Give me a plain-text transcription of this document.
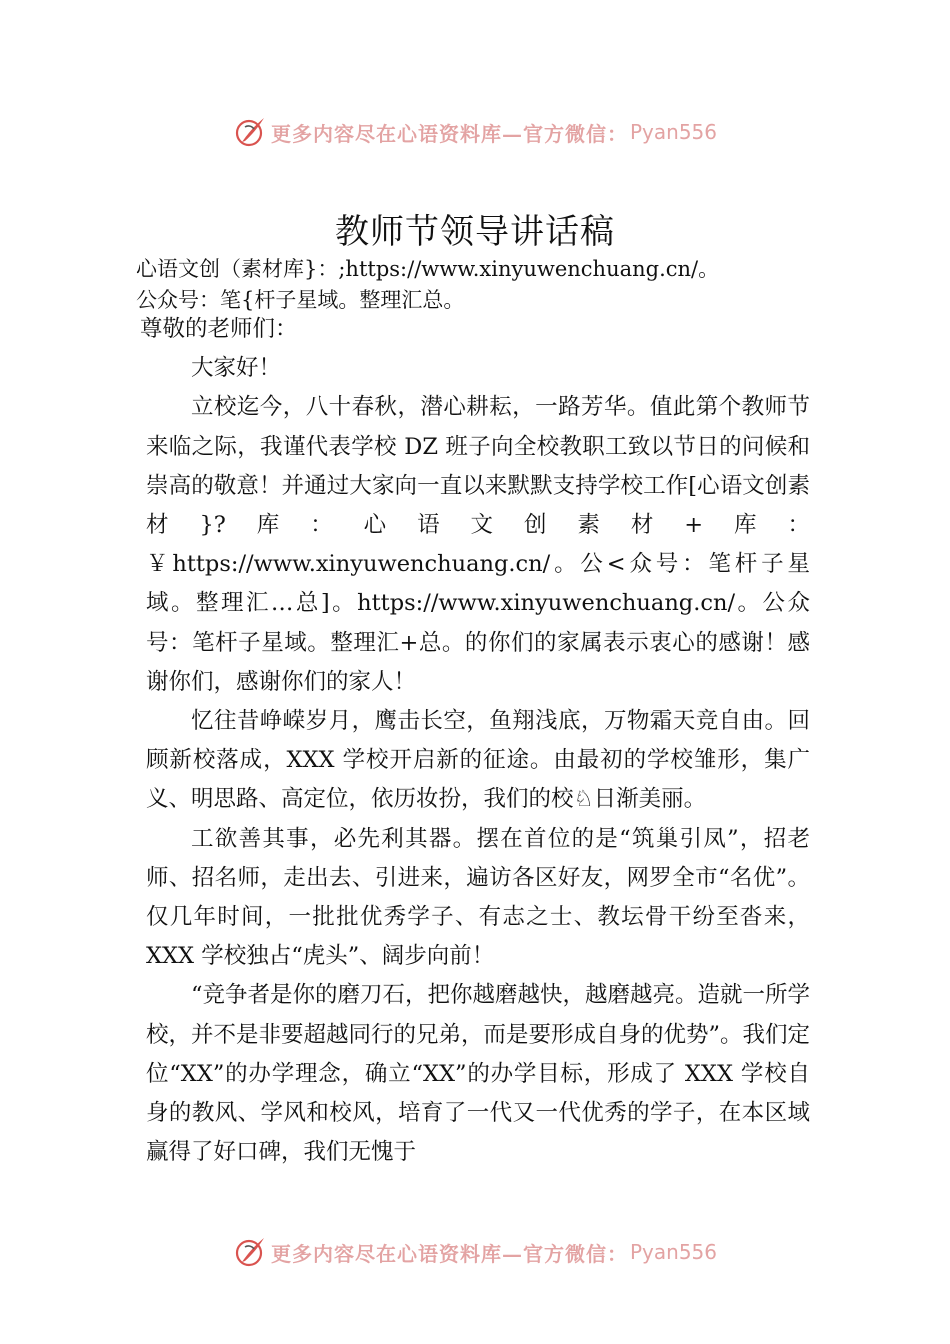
更多内容尽在心语资料库—官方微信： Pyan556
教师节领导讲话稿
心语文创（素材库}：;https://www.xinyuwenchuang.cn/。
公众号：笔{杆子星域。整理汇总。

尊敬的老师们：

大家好！

立校迄今，八十春秋，潜心耕耘，一路芳华。值此第个教师节来临之际，我谨代表学校 DZ 班子向全校教职工致以节日的问候和崇高的敬意！并通过大家向一直以来默默支持学校工作[心语文创素材}?库：心语文创素材+库：￥https://www.xinyuwenchuang.cn/。公<众号：笔杆子星域。整理汇…总]。https://www.xinyuwenchuang.cn/。公众号：笔杆子星域。整理汇+总。的你们的家属表示衷心的感谢！感谢你们，感谢你们的家人！

忆往昔峥嵘岁月，鹰击长空，鱼翔浅底，万物霜天竞自由。回顾新校落成，XXX 学校开启新的征途。由最初的学校雏形，集广义、明思路、高定位，依历妆扮，我们的校♘日渐美丽。

工欲善其事，必先利其器。摆在首位的是“筑巢引凤”，招老师、招名师，走出去、引进来，遍访各区好友，网罗全市“名优”。仅几年时间，一批批优秀学子、有志之士、教坛骨干纷至沓来，XXX 学校独占“虎头”、阔步向前！

“竞争者是你的磨刀石，把你越磨越快，越磨越亮。造就一所学校，并不是非要超越同行的兄弟，而是要形成自身的优势”。我们定位“XX”的办学理念，确立“XX”的办学目标，形成了 XXX 学校自身的教风、学风和校风，培育了一代又一代优秀的学子，在本区域赢得了好口碑，我们无愧于

更多内容尽在心语资料库—官方微信： Pyan556
